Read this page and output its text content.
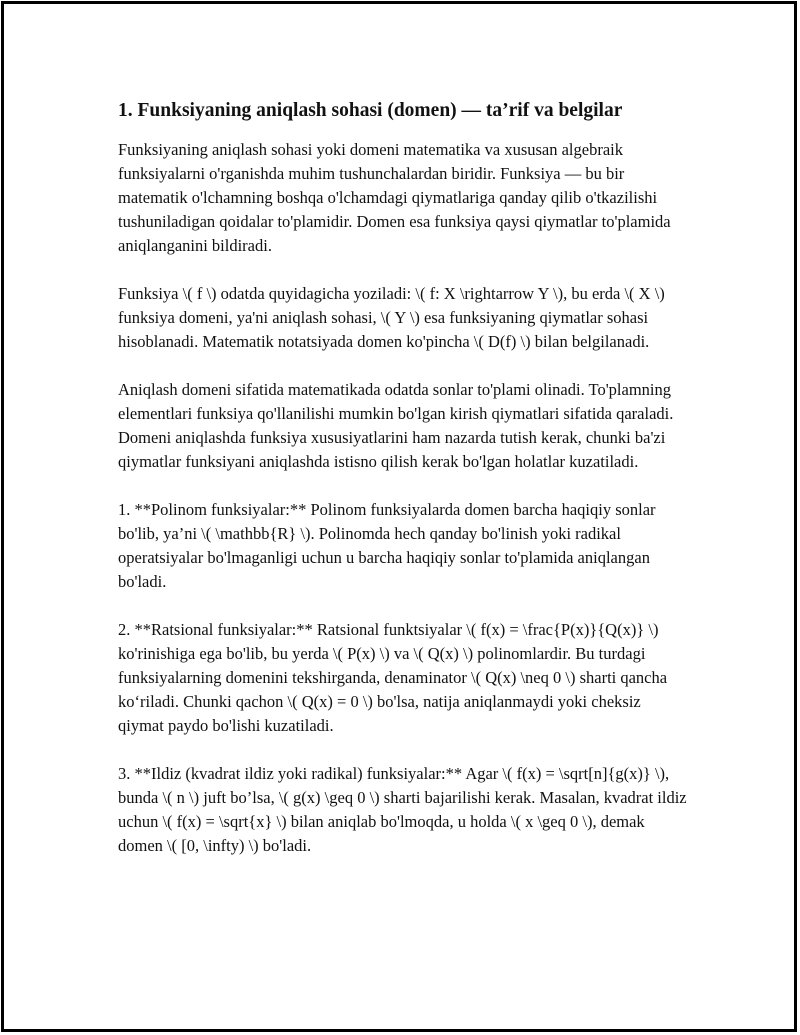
1. Funksiyaning aniqlash sohasi (domen) — ta’rif va belgilar

Funksiyaning aniqlash sohasi yoki domeni matematika va xususan algebraik funksiyalarni o'rganishda muhim tushunchalardan biridir. Funksiya — bu bir matematik o'lchamning boshqa o'lchamdagi qiymatlariga qanday qilib o'tkazilishi tushuniladigan qoidalar to'plamidir. Domen esa funksiya qaysi qiymatlar to'plamida aniqlanganini bildiradi.

Funksiya \( f \) odatda quyidagicha yoziladi: \( f: X \rightarrow Y \), bu erda \( X \) funksiya domeni, ya'ni aniqlash sohasi, \( Y \) esa funksiyaning qiymatlar sohasi hisoblanadi. Matematik notatsiyada domen ko'pincha \( D(f) \) bilan belgilanadi.

Aniqlash domeni sifatida matematikada odatda sonlar to'plami olinadi. To'plamning elementlari funksiya qo'llanilishi mumkin bo'lgan kirish qiymatlari sifatida qaraladi. Domeni aniqlashda funksiya xususiyatlarini ham nazarda tutish kerak, chunki ba'zi qiymatlar funksiyani aniqlashda istisno qilish kerak bo'lgan holatlar kuzatiladi.

1. **Polinom funksiyalar:** Polinom funksiyalarda domen barcha haqiqiy sonlar bo'lib, ya’ni \( \mathbb{R} \). Polinomda hech qanday bo'linish yoki radikal operatsiyalar bo'lmaganligi uchun u barcha haqiqiy sonlar to'plamida aniqlangan bo'ladi.

2. **Ratsional funksiyalar:** Ratsional funktsiyalar \( f(x) = \frac{P(x)}{Q(x)} \) ko'rinishiga ega bo'lib, bu yerda \( P(x) \) va \( Q(x) \) polinomlardir. Bu turdagi funksiyalarning domenini tekshirganda, denaminator \( Q(x) \neq 0 \) sharti qancha ko‘riladi. Chunki qachon \( Q(x) = 0 \) bo'lsa, natija aniqlanmaydi yoki cheksiz qiymat paydo bo'lishi kuzatiladi.

3. **Ildiz (kvadrat ildiz yoki radikal) funksiyalar:** Agar \( f(x) = \sqrt[n]{g(x)} \), bunda \( n \) juft bo’lsa, \( g(x) \geq 0 \) sharti bajarilishi kerak. Masalan, kvadrat ildiz uchun \( f(x) = \sqrt{x} \) bilan aniqlab bo'lmoqda, u holda \( x \geq 0 \), demak domen \( [0, \infty) \) bo'ladi.
